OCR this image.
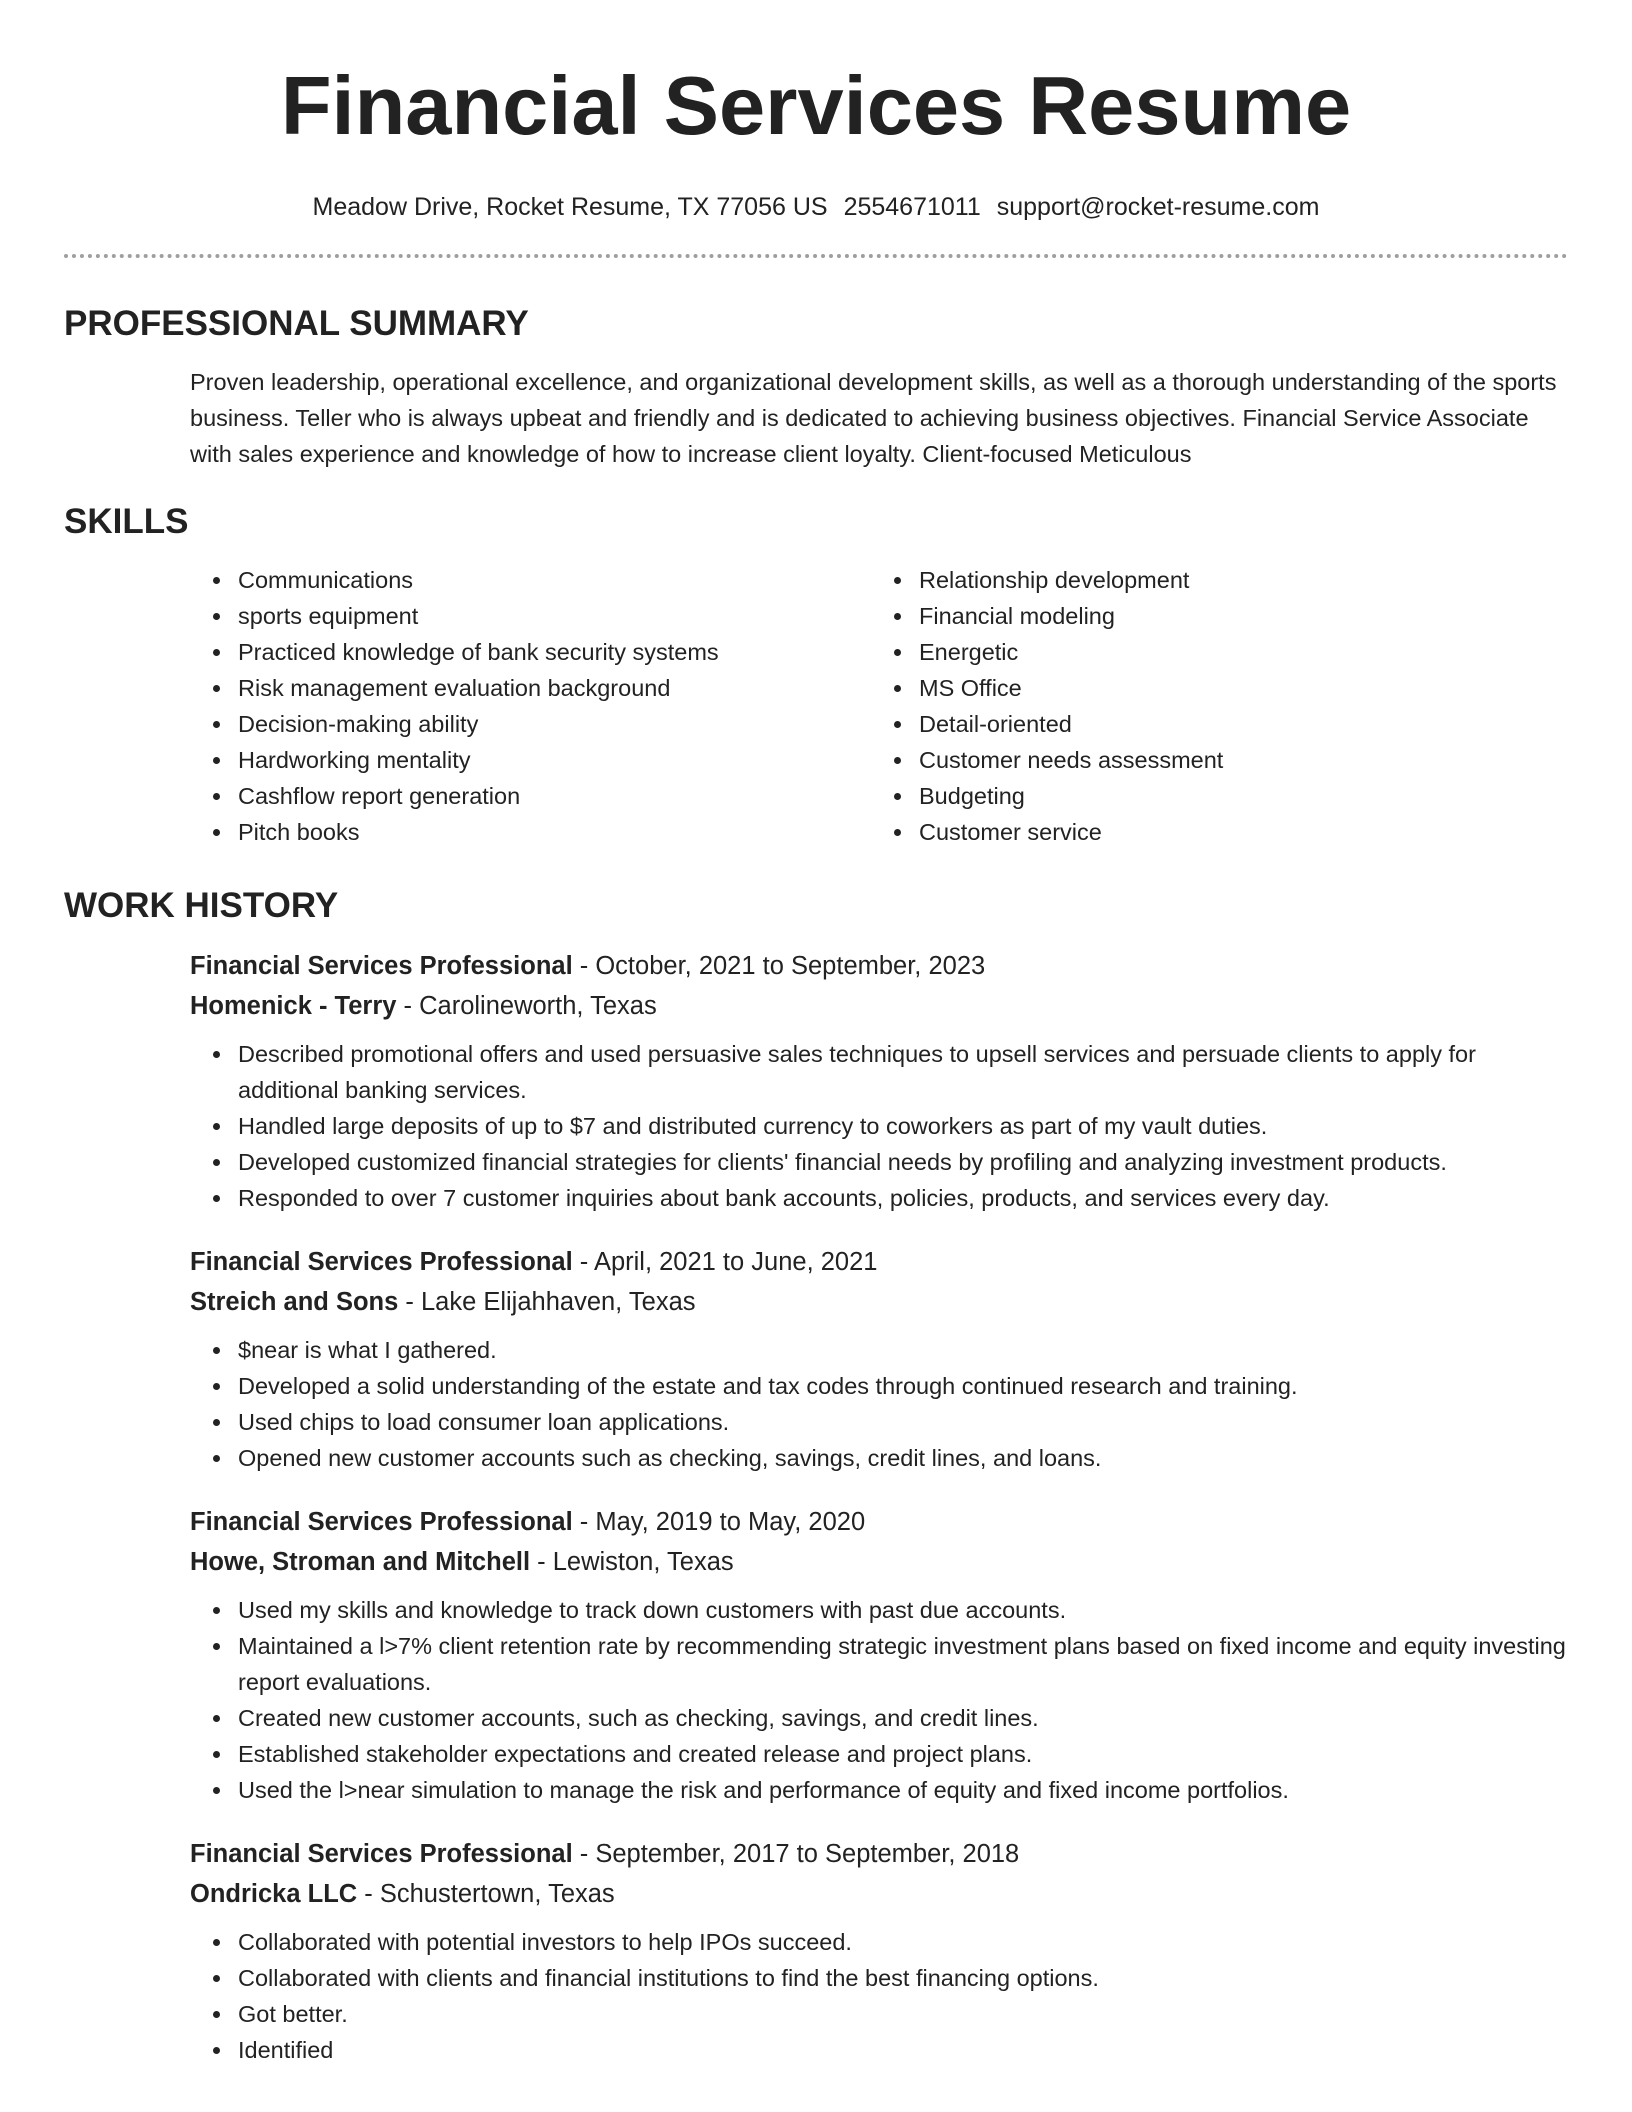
Financial Services Resume
Meadow Drive, Rocket Resume, TX 77056 US 2554671011 support@rocket-resume.com
PROFESSIONAL SUMMARY
Proven leadership, operational excellence, and organizational development skills, as well as a thorough understanding of the sports business. Teller who is always upbeat and friendly and is dedicated to achieving business objectives. Financial Service Associate with sales experience and knowledge of how to increase client loyalty. Client-focused Meticulous
SKILLS
• Communications
• sports equipment
• Practiced knowledge of bank security systems
• Risk management evaluation background
• Decision-making ability
• Hardworking mentality
• Cashflow report generation
• Pitch books
• Relationship development
• Financial modeling
• Energetic
• MS Office
• Detail-oriented
• Customer needs assessment
• Budgeting
• Customer service
WORK HISTORY
Financial Services Professional - October, 2021 to September, 2023
Homenick - Terry - Carolineworth, Texas
• Described promotional offers and used persuasive sales techniques to upsell services and persuade clients to apply for additional banking services.
• Handled large deposits of up to $7 and distributed currency to coworkers as part of my vault duties.
• Developed customized financial strategies for clients' financial needs by profiling and analyzing investment products.
• Responded to over 7 customer inquiries about bank accounts, policies, products, and services every day.
Financial Services Professional - April, 2021 to June, 2021
Streich and Sons - Lake Elijahhaven, Texas
• $near is what I gathered.
• Developed a solid understanding of the estate and tax codes through continued research and training.
• Used chips to load consumer loan applications.
• Opened new customer accounts such as checking, savings, credit lines, and loans.
Financial Services Professional - May, 2019 to May, 2020
Howe, Stroman and Mitchell - Lewiston, Texas
• Used my skills and knowledge to track down customers with past due accounts.
• Maintained a l>7% client retention rate by recommending strategic investment plans based on fixed income and equity investing report evaluations.
• Created new customer accounts, such as checking, savings, and credit lines.
• Established stakeholder expectations and created release and project plans.
• Used the l>near simulation to manage the risk and performance of equity and fixed income portfolios.
Financial Services Professional - September, 2017 to September, 2018
Ondricka LLC - Schustertown, Texas
• Collaborated with potential investors to help IPOs succeed.
• Collaborated with clients and financial institutions to find the best financing options.
• Got better.
• Identified
